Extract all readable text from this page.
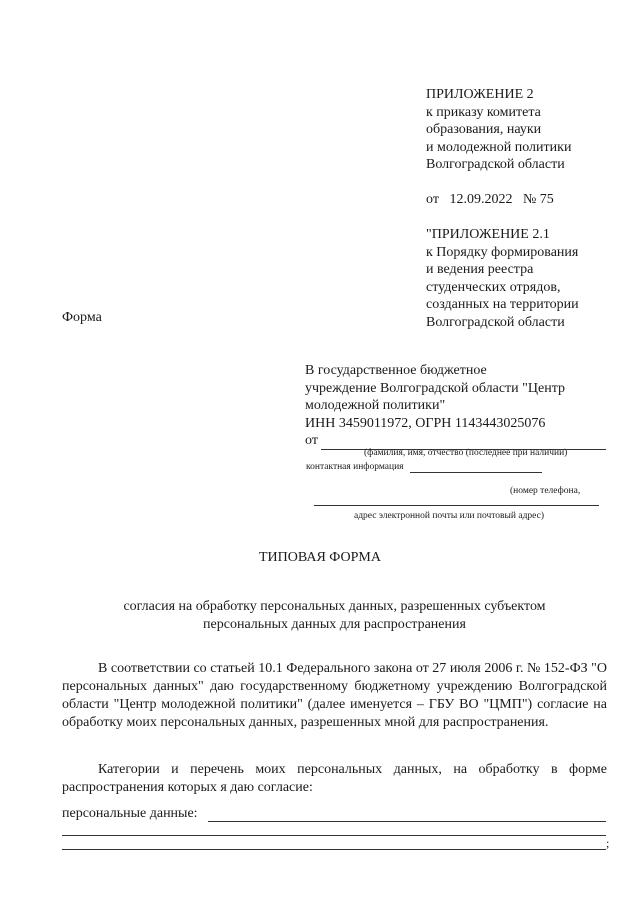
ПРИЛОЖЕНИЕ 2
к приказу комитета
образования, науки
и молодежной политики
Волгоградской области
от 12.09.2022 № 75
"ПРИЛОЖЕНИЕ 2.1
к Порядку формирования
и ведения реестра
студенческих отрядов,
созданных на территории
Волгоградской области
Форма
В государственное бюджетное
учреждение Волгоградской области "Центр
молодежной политики"
ИНН 3459011972, ОГРН 1143443025076
от
(фамилия, имя, отчество (последнее при наличии)
контактная информация
(номер телефона,
адрес электронной почты или почтовый адрес)
ТИПОВАЯ ФОРМА
согласия на обработку персональных данных, разрешенных субъектом
персональных данных для распространения
В соответствии со статьей 10.1 Федерального закона от 27 июля 2006 г. № 152-ФЗ "О персональных данных" даю государственному бюджетному учреждению Волгоградской области "Центр молодежной политики" (далее именуется – ГБУ ВО "ЦМП") согласие на обработку моих персональных данных, разрешенных мной для распространения.
Категории и перечень моих персональных данных, на обработку в форме распространения которых я даю согласие:
персональные данные:
;
